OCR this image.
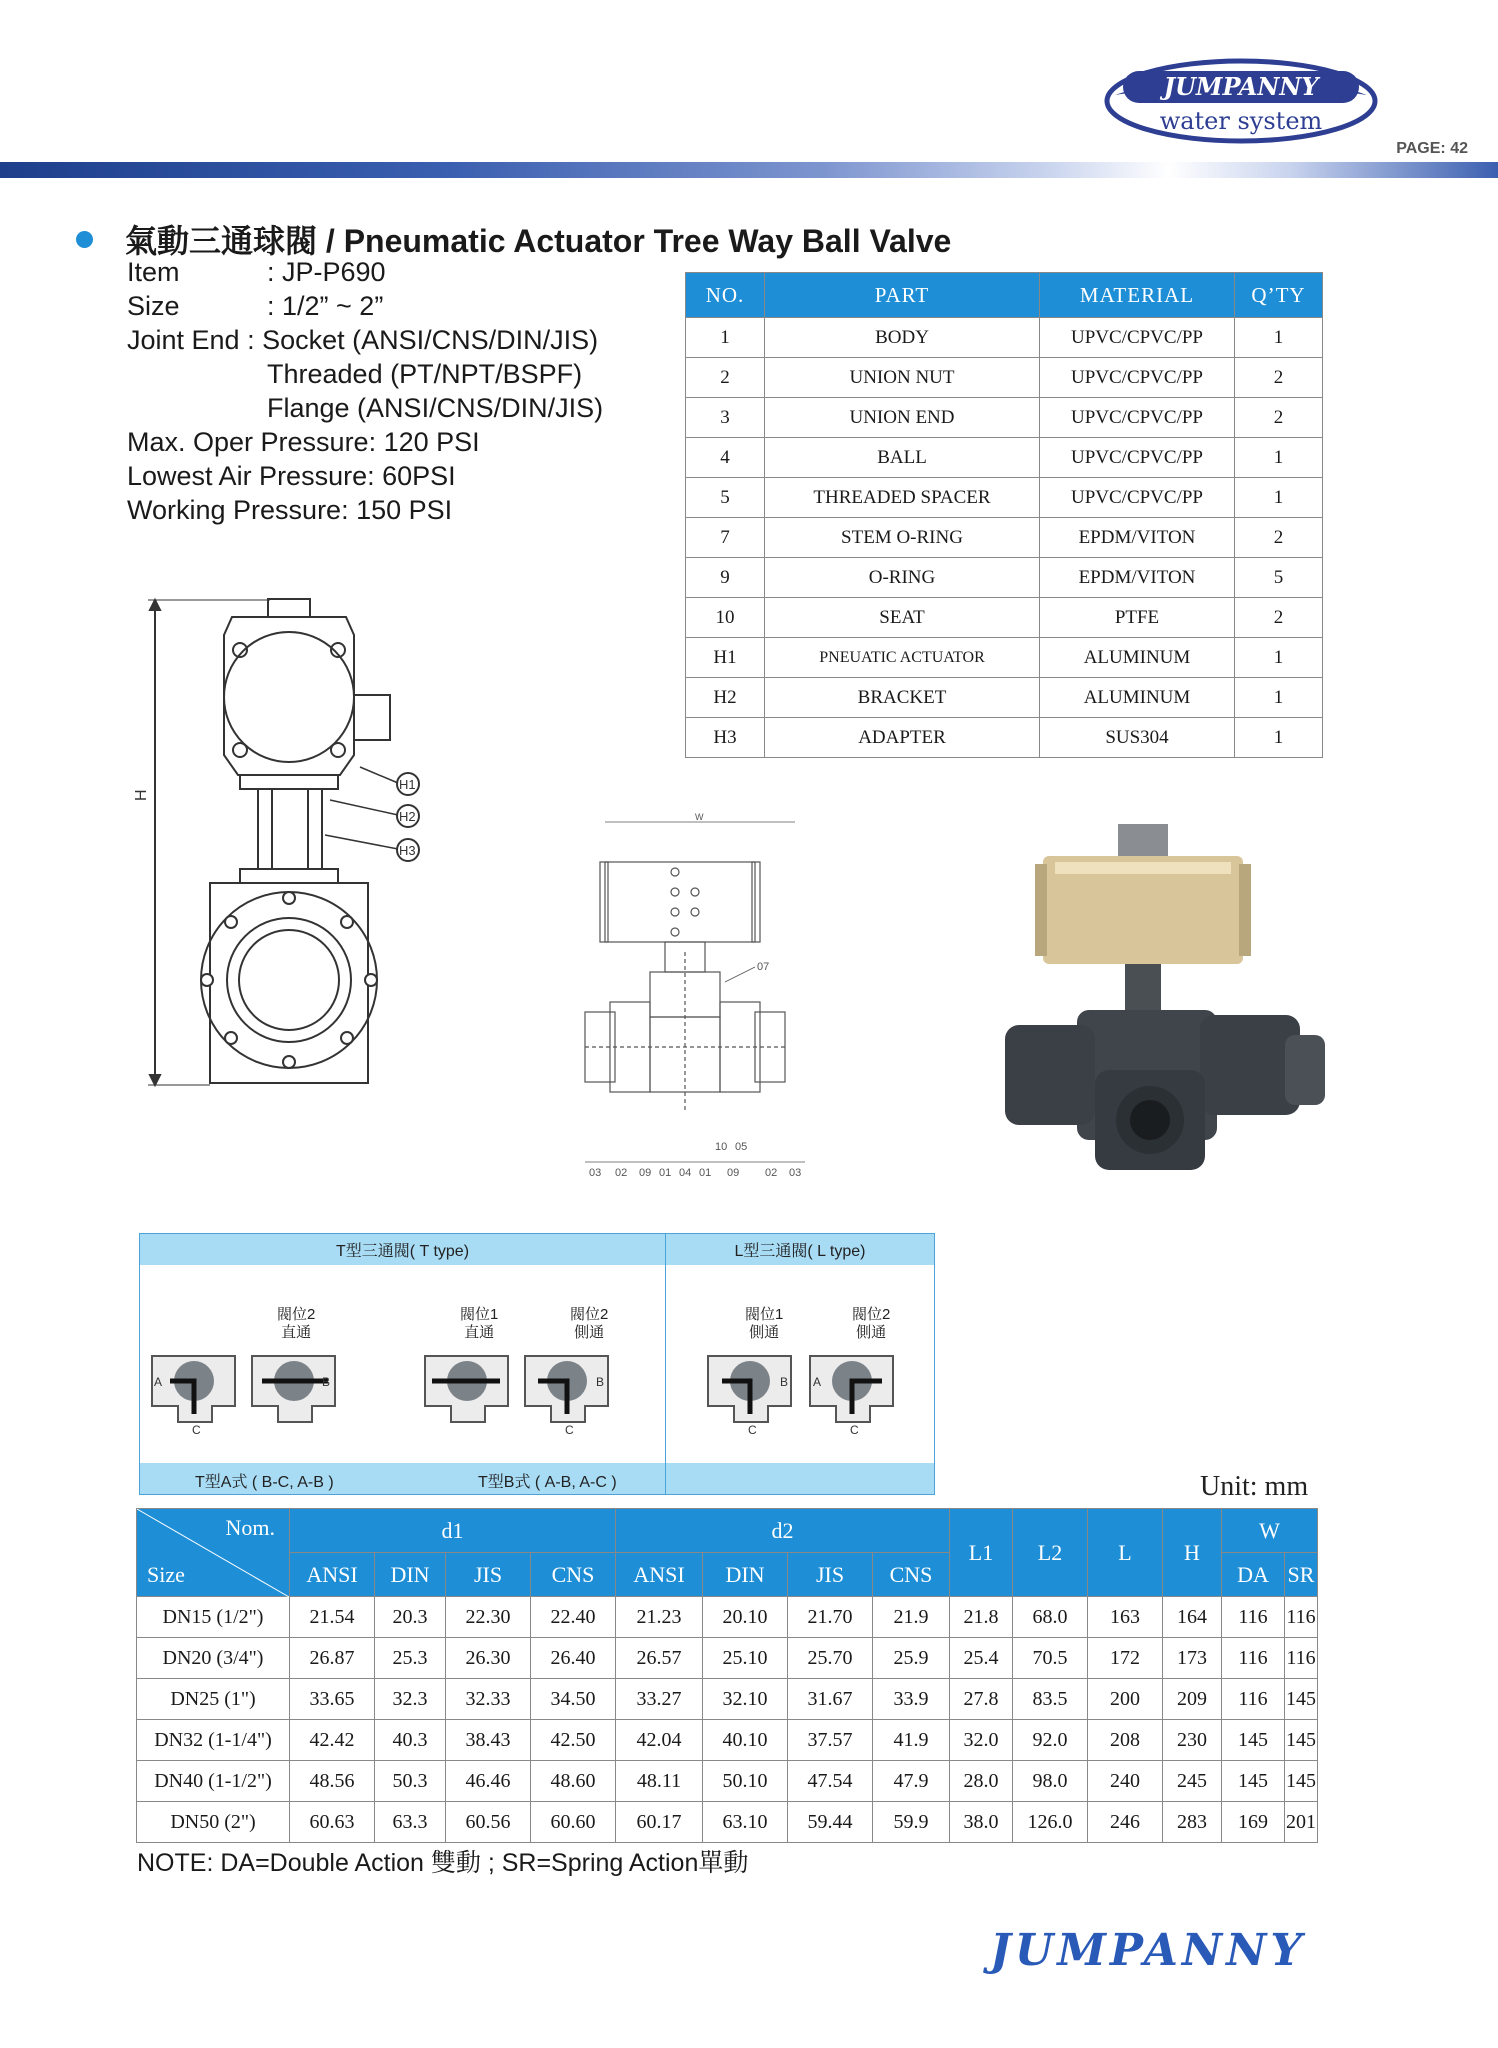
JUMPANNY
water system
PAGE: 42
氣動三通球閥 / Pneumatic Actuator Tree Way Ball Valve
Item	: JP-P690
Size	: 1/2” ~ 2”
Joint End
: Socket (ANSI/CNS/DIN/JIS)
Threaded (PT/NPT/BSPF)
Flange (ANSI/CNS/DIN/JIS)
Max. Oper Pressure: 120 PSI
Lowest Air Pressure: 60PSI
Working Pressure: 150 PSI
NO.	PART	MATERIAL	Q’TY
1	BODY	UPVC/CPVC/PP	1
2	UNION NUT	UPVC/CPVC/PP	2
3	UNION END	UPVC/CPVC/PP	2
4	BALL	UPVC/CPVC/PP	1
5	THREADED SPACER	UPVC/CPVC/PP	1
7	STEM O-RING	EPDM/VITON	2
9	O-RING	EPDM/VITON	5
10	SEAT	PTFE	2
H1	PNEUATIC ACTUATOR	ALUMINUM	1
H2	BRACKET	ALUMINUM	1
H3	ADAPTER	SUS304	1
H
H1
H2
H3
W
07
10 05
03 02 09 01 04 01 09 02 03
T型三通閥( T type)	L型三通閥( L type)
閥位2
直通
閥位1
直通
閥位2
側通
閥位1
側通
閥位2
側通
A
C
B	B
C
B
C
A
C
T型A式 ( B-C, A-B )	T型B式 ( A-B, A-C )	Unit: mm
Nom.
Size	d1				d2				L1	L2	L	H	W	
	ANSI	DIN	JIS	CNS	ANSI	DIN	JIS	CNS					DA	SR
DN15 (1/2")	21.54	20.3	22.30	22.40	21.23	20.10	21.70	21.9	21.8	68.0	163	164	116	116
DN20 (3/4")	26.87	25.3	26.30	26.40	26.57	25.10	25.70	25.9	25.4	70.5	172	173	116	116
DN25 (1")	33.65	32.3	32.33	34.50	33.27	32.10	31.67	33.9	27.8	83.5	200	209	116	145
DN32 (1-1/4")	42.42	40.3	38.43	42.50	42.04	40.10	37.57	41.9	32.0	92.0	208	230	145	145
DN40 (1-1/2")	48.56	50.3	46.46	48.60	48.11	50.10	47.54	47.9	28.0	98.0	240	245	145	145
DN50 (2")	60.63	63.3	60.56	60.60	60.17	63.10	59.44	59.9	38.0	126.0	246	283	169	201
NOTE: DA=Double Action 雙動 ; SR=Spring Action單動
JUMPANNY
